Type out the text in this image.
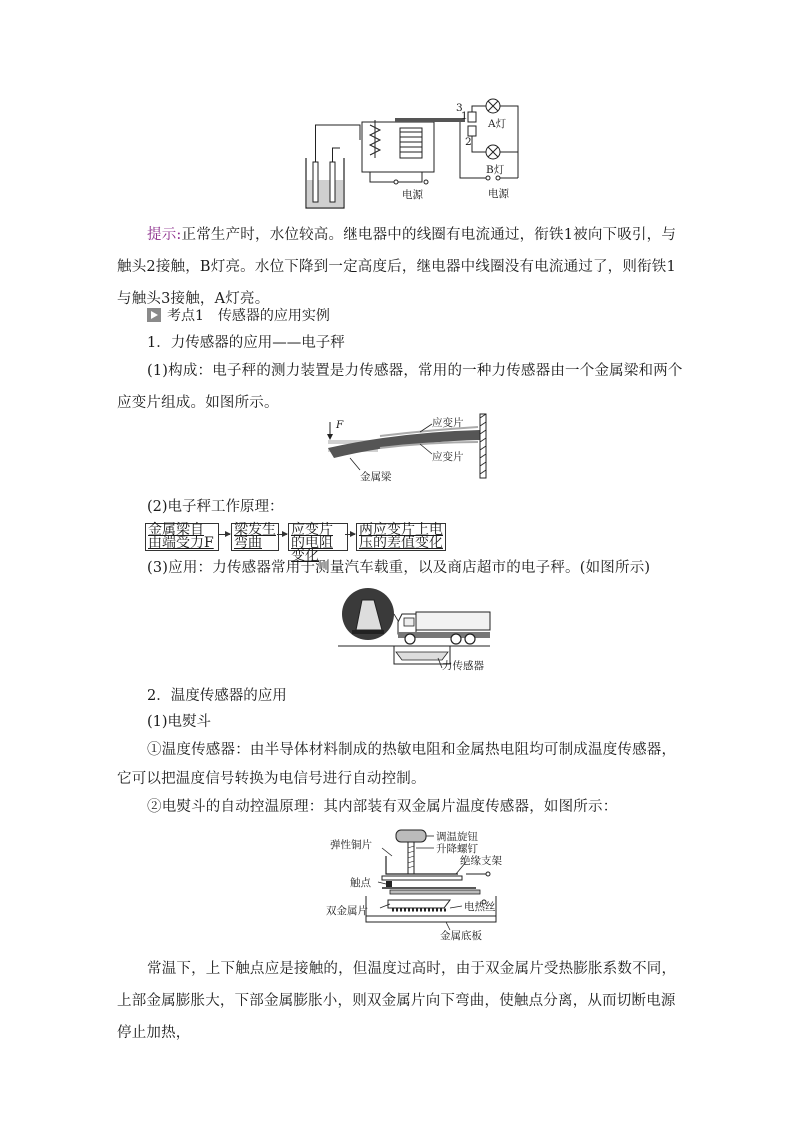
1
3
2
A灯
B灯
电源	电源

提示:正常生产时，水位较高。继电器中的线圈有电流通过，衔铁1被向下吸引，与触头2接触，B灯亮。水位下降到一定高度后，继电器中线圈没有电流通过了，则衔铁1与触头3接触，A灯亮。

考点1　传感器的应用实例
1．力传感器的应用——电子秤

(1)构成：电子秤的测力装置是力传感器，常用的一种力传感器由一个金属梁和两个应变片组成。如图所示。

F	应变片
应变片
金属梁
(2)电子秤工作原理：
金属梁自由端受力F
梁发生弯曲
应变片的电阻变化
两应变片上电压的差值变化

(3)应用：力传感器常用于测量汽车载重，以及商店超市的电子秤。(如图所示)

力传感器
2．温度传感器的应用
(1)电熨斗

①温度传感器：由半导体材料制成的热敏电阻和金属热电阻均可制成温度传感器，它可以把温度信号转换为电信号进行自动控制。

②电熨斗的自动控温原理：其内部装有双金属片温度传感器，如图所示：

调温旋钮
升降螺钉
弹性铜片
绝缘支架
触点
双金属片	电热丝
金属底板

常温下，上下触点应是接触的，但温度过高时，由于双金属片受热膨胀系数不同，上部金属膨胀大，下部金属膨胀小，则双金属片向下弯曲，使触点分离，从而切断电源停止加热，
